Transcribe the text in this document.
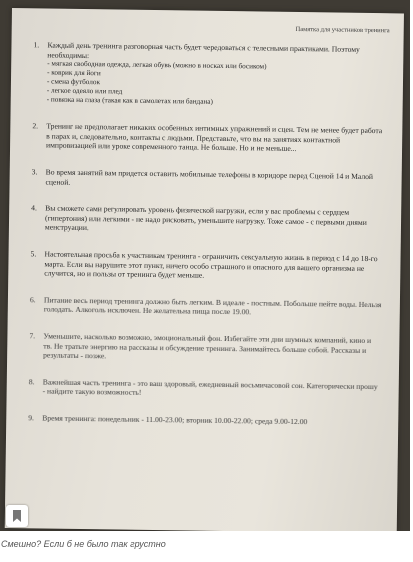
Памятка для участников тренинга
1. Каждый день тренинга разговорная часть будет чередоваться с телесными практиками. Поэтому необходимы:
- мягкая свободная одежда, легкая обувь (можно в носках или босиком)
- коврик для йоги
- смена футболок
- легкое одеяло или плед
- повязка на глаза (такая как в самолетах или бандана)
2. Тренинг не предполагает никаких особенных интимных упражнений и сцен. Тем не менее будет работа в парах и, следовательно, контакты с людьми. Представьте, что вы на занятиях контактной импровизацией или уроке современного танца. Не больше. Но и не меньше...
3. Во время занятий вам придется оставить мобильные телефоны в коридоре перед Сценой 14 и Малой сценой.
4. Вы сможете сами регулировать уровень физической нагрузки, если у вас проблемы с сердцем (гипертония) или легкими - не надо рисковать, уменьшите нагрузку. Тоже самое - с первыми днями менструации.
5. Настоятельная просьба к участникам тренинга - ограничить сексуальную жизнь в период с 14 до 18-го марта. Если вы нарушите этот пункт, ничего особо страшного и опасного для вашего организма не случится, но и пользы от тренинга будет меньше.
6. Питание весь период тренинга должно быть легким. В идеале - постным. Побольше пейте воды. Нельзя голодать. Алкоголь исключен. Не желательна пища после 19.00.
7. Уменьшите, насколько возможно, эмоциональный фон. Избегайте эти дни шумных компаний, кино и тв. Не тратьте энергию на рассказы и обсуждение тренинга. Занимайтесь больше собой. Рассказы и результаты - позже.
8. Важнейшая часть тренинга - это ваш здоровый, ежедневный восьмичасовой сон. Категорически прошу - найдите такую возможность!
9. Время тренинга: понедельник - 11.00-23.00; вторник 10.00-22.00; среда 9.00-12.00
Смешно? Если б не было так грустно
